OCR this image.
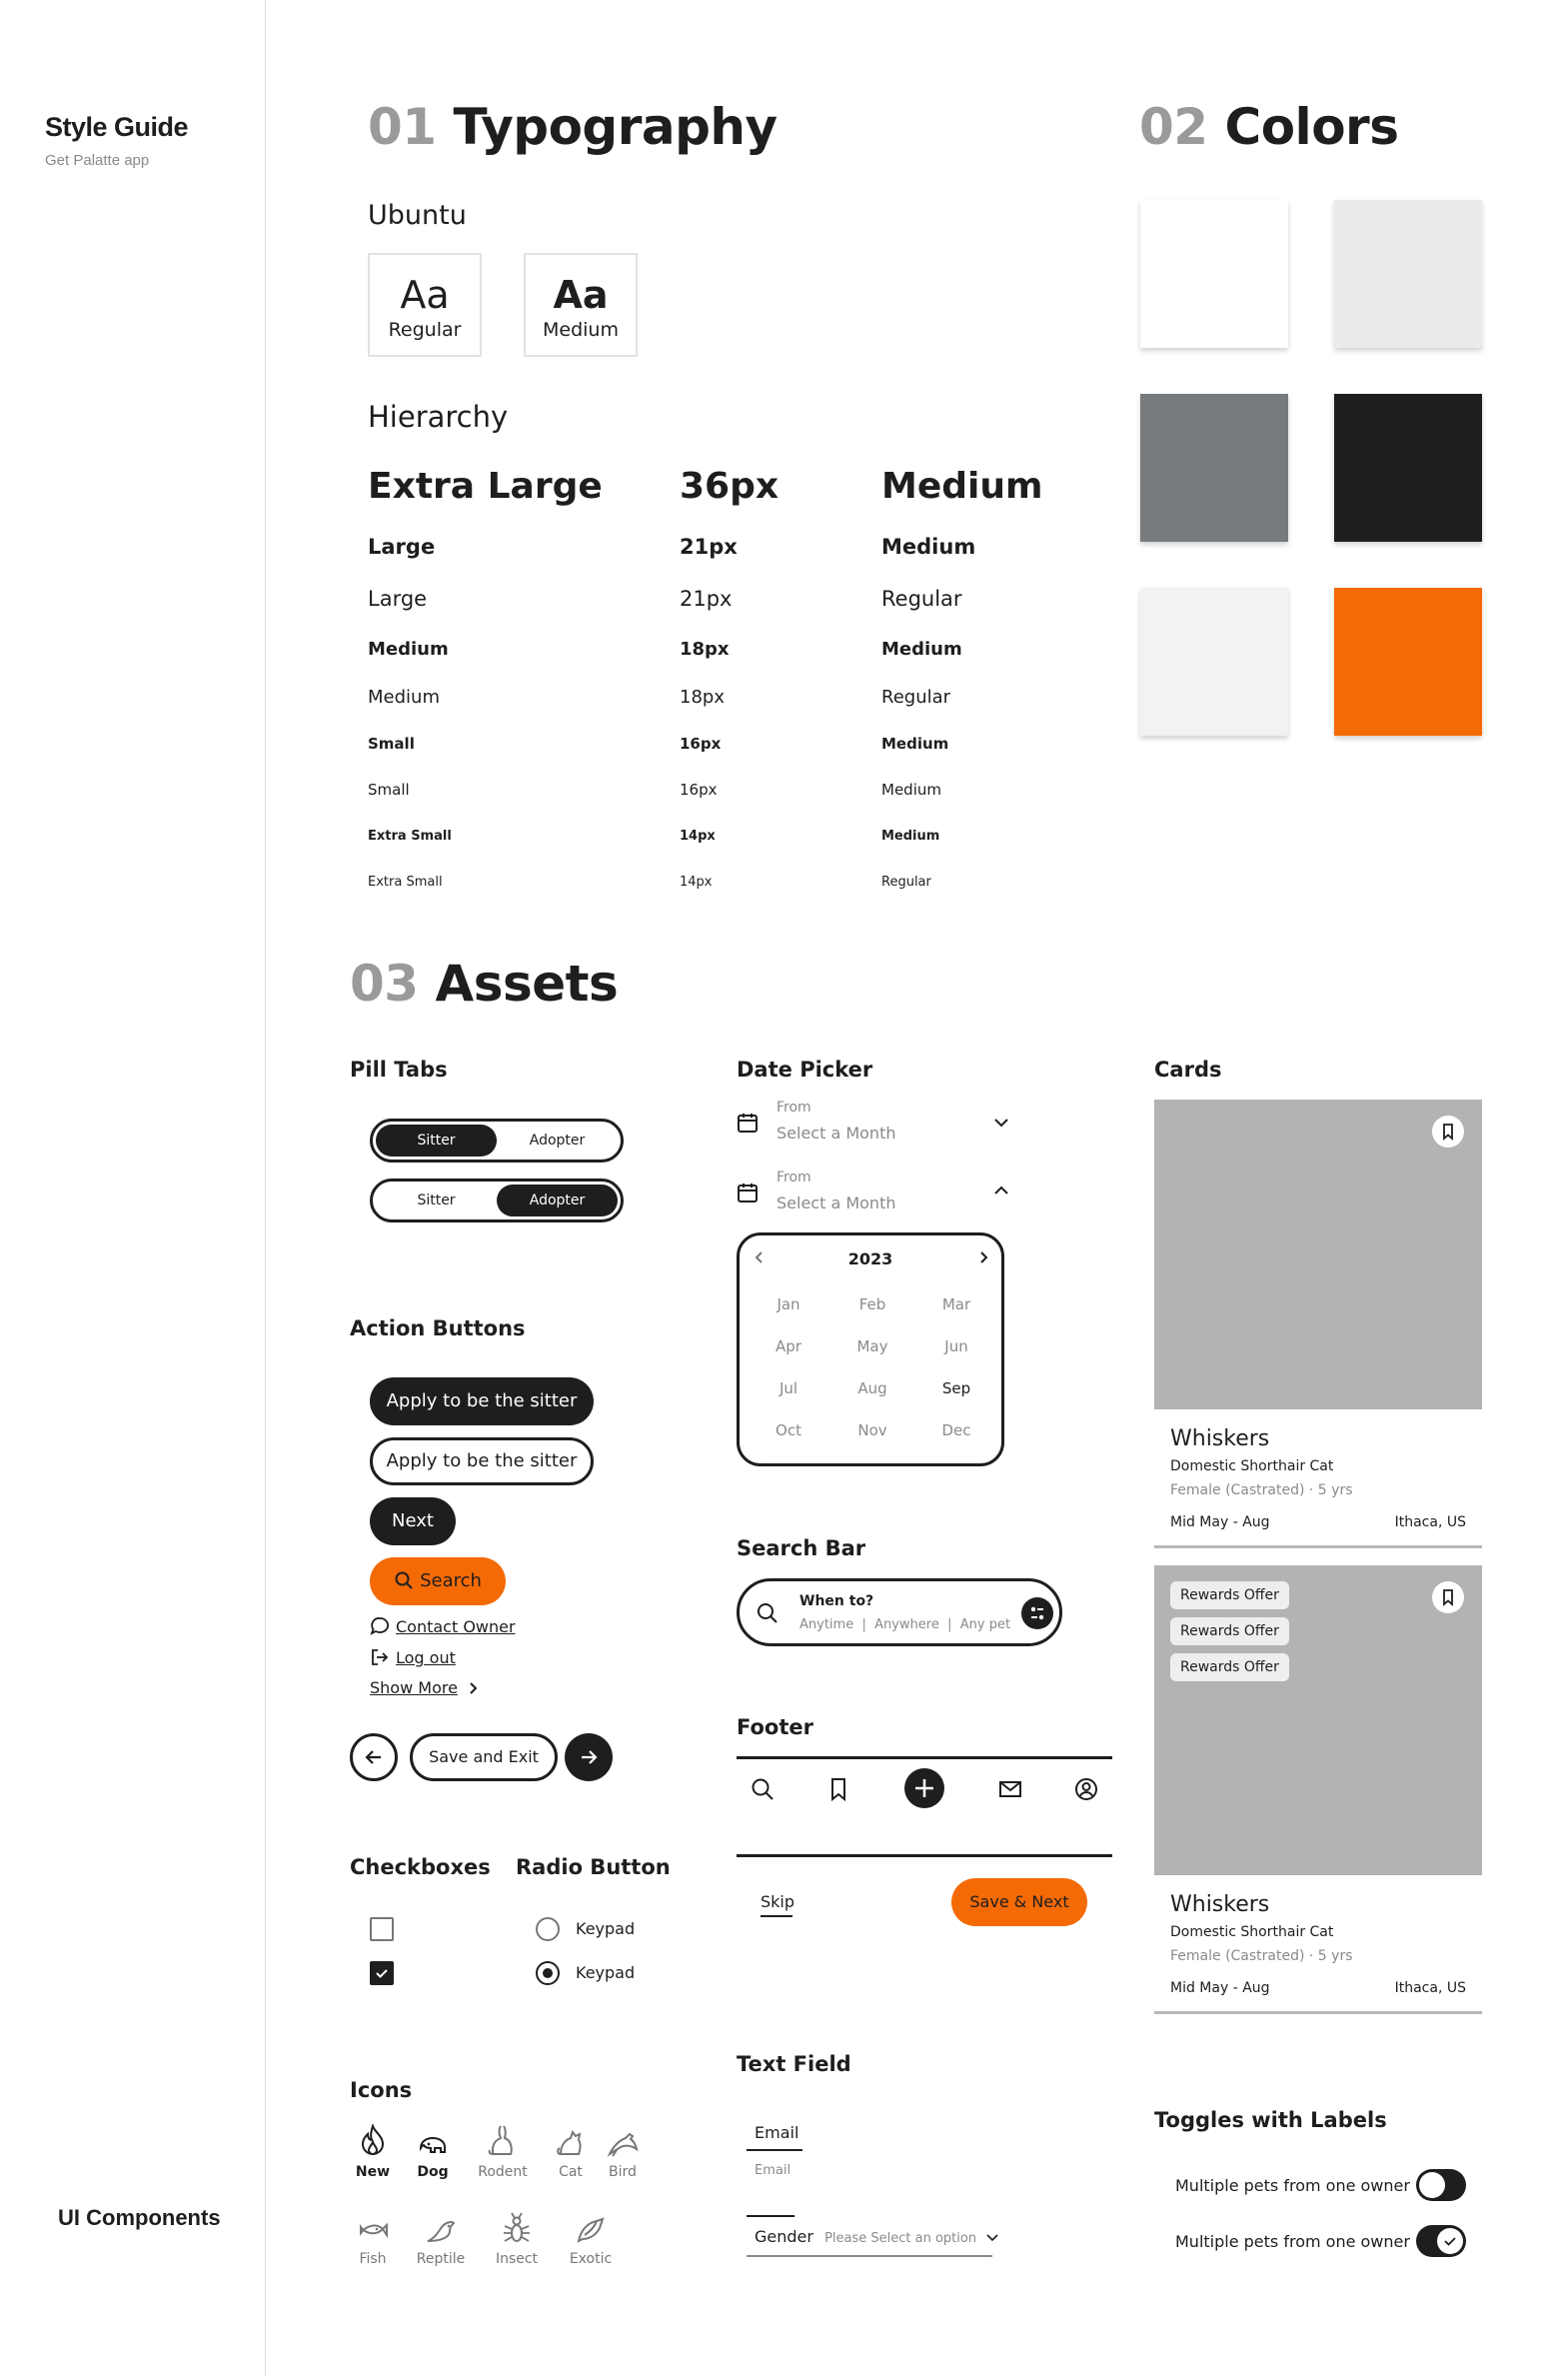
Style Guide
Get Palatte app
UI Components
01 Typography
Ubuntu
Aa
Regular
Aa
Medium
Hierarchy
Extra Large 36px	Medium
Large	21px	Medium
Large	21px	Regular
Medium	18px	Medium
Medium	18px	Regular
Small	16px	Medium
Small	16px	Medium
Extra Small	14px	Medium
Extra Small	14px	Regular
02 Colors
03 Assets
Pill Tabs
Sitter	Adopter
Sitter	Adopter
Action Buttons
Apply to be the sitter
Apply to be the sitter
Next
Search
Contact Owner
Log out
Show More
Save and Exit
Checkboxes Radio Button
Keypad
Keypad
Icons
New	Dog	Rodent	Cat	Bird
Fish	Reptile	Insect	Exotic
Date Picker
From
Select a Month
From
Select a Month
2023
Jan	Feb	Mar
Apr	May	Jun
Jul	Aug	Sep
Oct	Nov	Dec
Search Bar
When to?
Anytime  |  Anywhere  |  Any pet
Footer
Skip	Save & Next
Text Field
Email
Email
Gender Please Select an option
Cards
Whiskers
Domestic Shorthair Cat
Female (Castrated) · 5 yrs
Mid May - Aug	Ithaca, US
Rewards Offer
Rewards Offer
Rewards Offer
Whiskers
Domestic Shorthair Cat
Female (Castrated) · 5 yrs
Mid May - Aug	Ithaca, US
Toggles with Labels
Multiple pets from one owner
Multiple pets from one owner
